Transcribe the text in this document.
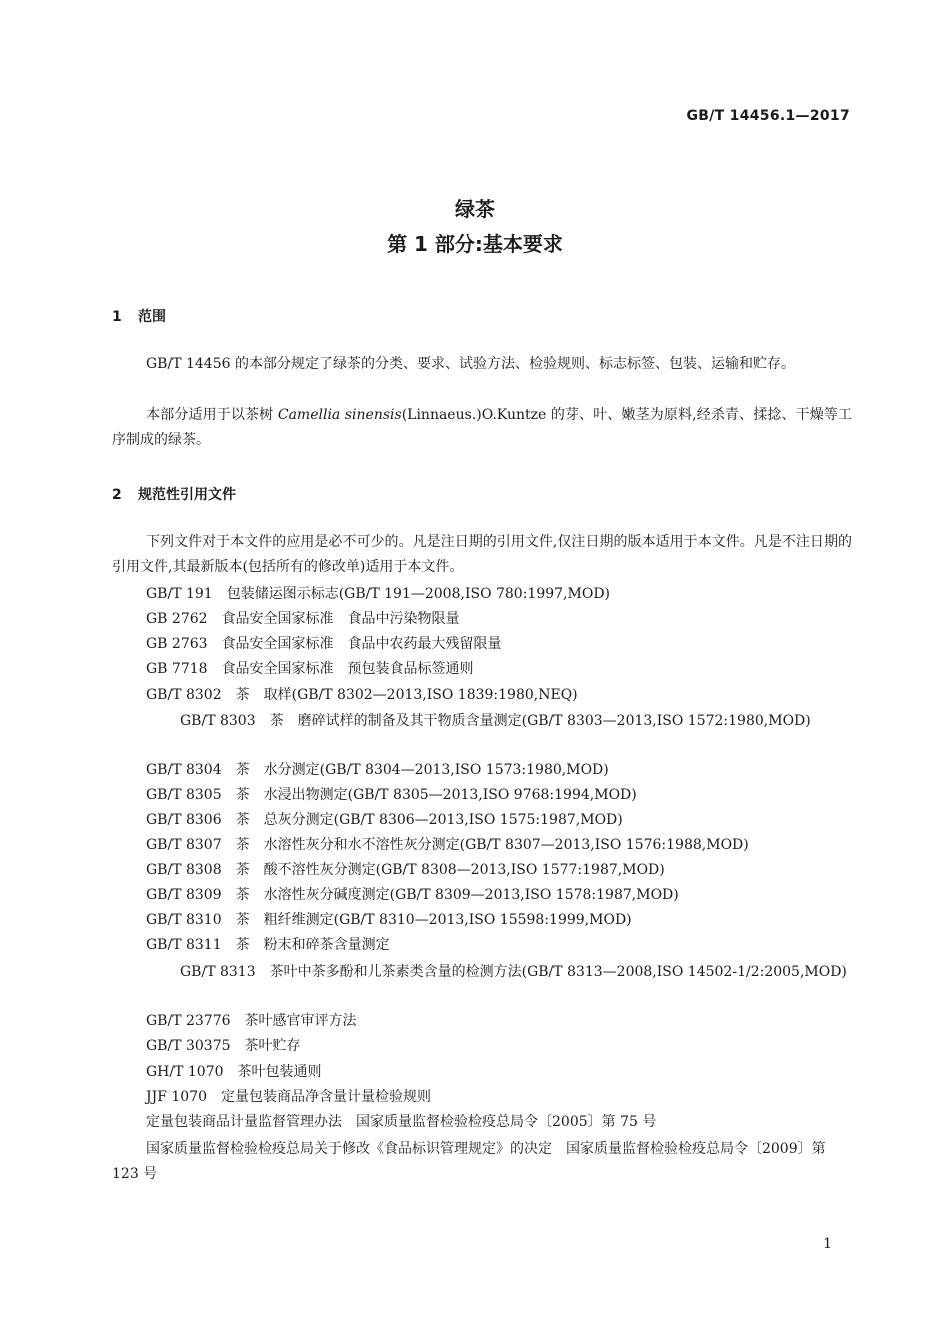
GB/T 14456.1—2017
绿茶
第 1 部分:基本要求
1 范围
GB/T 14456 的本部分规定了绿茶的分类、要求、试验方法、检验规则、标志标签、包装、运输和贮存。
本部分适用于以茶树 Camellia sinensis(Linnaeus.)O.Kuntze 的芽、叶、嫩茎为原料,经杀青、揉捻、干燥等工序制成的绿茶。
2 规范性引用文件
下列文件对于本文件的应用是必不可少的。凡是注日期的引用文件,仅注日期的版本适用于本文件。凡是不注日期的引用文件,其最新版本(包括所有的修改单)适用于本文件。
GB/T 191 包装储运图示标志(GB/T 191—2008,ISO 780:1997,MOD)
GB 2762 食品安全国家标准　食品中污染物限量
GB 2763 食品安全国家标准　食品中农药最大残留限量
GB 7718 食品安全国家标准　预包装食品标签通则
GB/T 8302 茶　取样(GB/T 8302—2013,ISO 1839:1980,NEQ)
GB/T 8303 茶　磨碎试样的制备及其干物质含量测定(GB/T 8303—2013,ISO 1572:1980,MOD)
GB/T 8304 茶　水分测定(GB/T 8304—2013,ISO 1573:1980,MOD)
GB/T 8305 茶　水浸出物测定(GB/T 8305—2013,ISO 9768:1994,MOD)
GB/T 8306 茶　总灰分测定(GB/T 8306—2013,ISO 1575:1987,MOD)
GB/T 8307 茶　水溶性灰分和水不溶性灰分测定(GB/T 8307—2013,ISO 1576:1988,MOD)
GB/T 8308 茶　酸不溶性灰分测定(GB/T 8308—2013,ISO 1577:1987,MOD)
GB/T 8309 茶　水溶性灰分碱度测定(GB/T 8309—2013,ISO 1578:1987,MOD)
GB/T 8310 茶　粗纤维测定(GB/T 8310—2013,ISO 15598:1999,MOD)
GB/T 8311 茶　粉末和碎茶含量测定
GB/T 8313 茶叶中茶多酚和儿茶素类含量的检测方法(GB/T 8313—2008,ISO 14502-1/2:2005,MOD)
GB/T 23776 茶叶感官审评方法
GB/T 30375 茶叶贮存
GH/T 1070 茶叶包装通则
JJF 1070 定量包装商品净含量计量检验规则
定量包装商品计量监督管理办法　国家质量监督检验检疫总局令〔2005〕第 75 号
国家质量监督检验检疫总局关于修改《食品标识管理规定》的决定　国家质量监督检验检疫总局令〔2009〕第 123 号
1
